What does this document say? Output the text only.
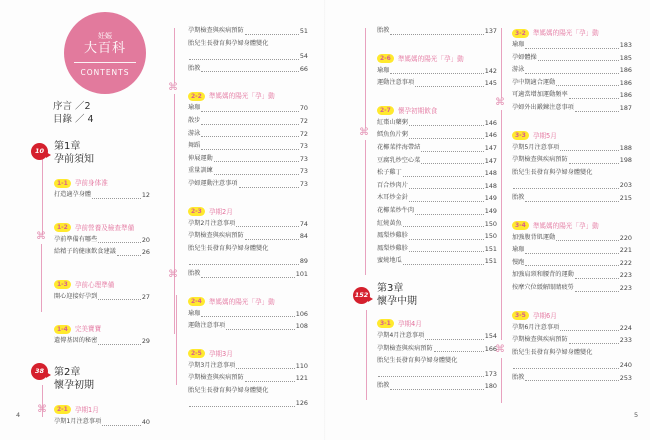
妊娠
大百科
CONTENTS
序言 ／2
目錄 ／ 4
⌘
⌘
10
38
第1章
孕前須知
1-1	孕前身体准
打造適孕身體	12
1-2	孕前營養及檢查準備
孕前準備有哪些	20
給精子的健康飲食建議	26
1-3	孕前心理準備
開心迎接好孕到	27
1-4	完美寶寶
遺傳基因的秘密	29
第2章
懷孕初期
2-1	孕期1月
孕期1月注意事項	40
⌘
⌘
孕期檢查與疾病預防	51
胎兒生長發育與孕婦身體變化
54
胎教	66
2-2	準媽媽的陽光「孕」動
瑜珈	70
散步	72
游泳	72
舞蹈	73
伸展運動	73
重量訓練	73
孕婦運動注意事項	73
2-3	孕期2月
孕期2月注意事項	74
孕期檢查與疾病預防	84
胎兒生長發育與孕婦身體變化
89
胎教	101
2-4	準媽媽的陽光「孕」動
瑜珈	106
運動注意事項	108
2-5	孕期3月
孕期3月注意事項	110
孕期檢查與疾病預防	121
胎兒生長發育與孕婦身體變化
126
4
⌘
152
胎教	137
2-6	準媽媽的陽光「孕」動
瑜珈	142
運動注意事項	145
2-7	懷孕初期飲食
紅棗山藥粥	146
鱈魚魚片粥	146
花椰菜拌海帶結	147
豆腐乳炒空心菜	147
松子雞丁	148
百合炒肉片	148
木耳炒金針	149
花椰菜炒牛肉	149
紅燒黃魚	150
鳳梨炒雞胗	150
鳳梨炒雞胗	151
蜜燒地瓜	151
第3章
懷孕中期
3-1	孕期4月
孕期4月注意事項	154
孕期檢查與疾病預防	166
胎兒生長發育與孕婦身體變化
173
胎教	180
⌘
⌘
3-2	準媽媽的陽光「孕」動
瑜珈	183
孕婦體操	185
游泳	186
孕中期適合運動	186
可適當增加運動頻率	186
孕婦外出鍛鍊注意事項	187
3-3	孕期5月
孕期5月注意事項	188
孕期檢查與疾病預防	198
胎兒生長發育與孕婦身體變化
203
胎教	215
3-4	準媽媽的陽光「孕」動
加強腹背肌運動	220
瑜珈	221
慢跑	222
加強肩頸和腰背的運動	223
按摩穴位緩解眼睛疲勞	223
3-5	孕期6月
孕期6月注意事項	224
孕期檢查與疾病預防	233
胎兒生長發育與孕婦身體變化
240
胎教	253
5
